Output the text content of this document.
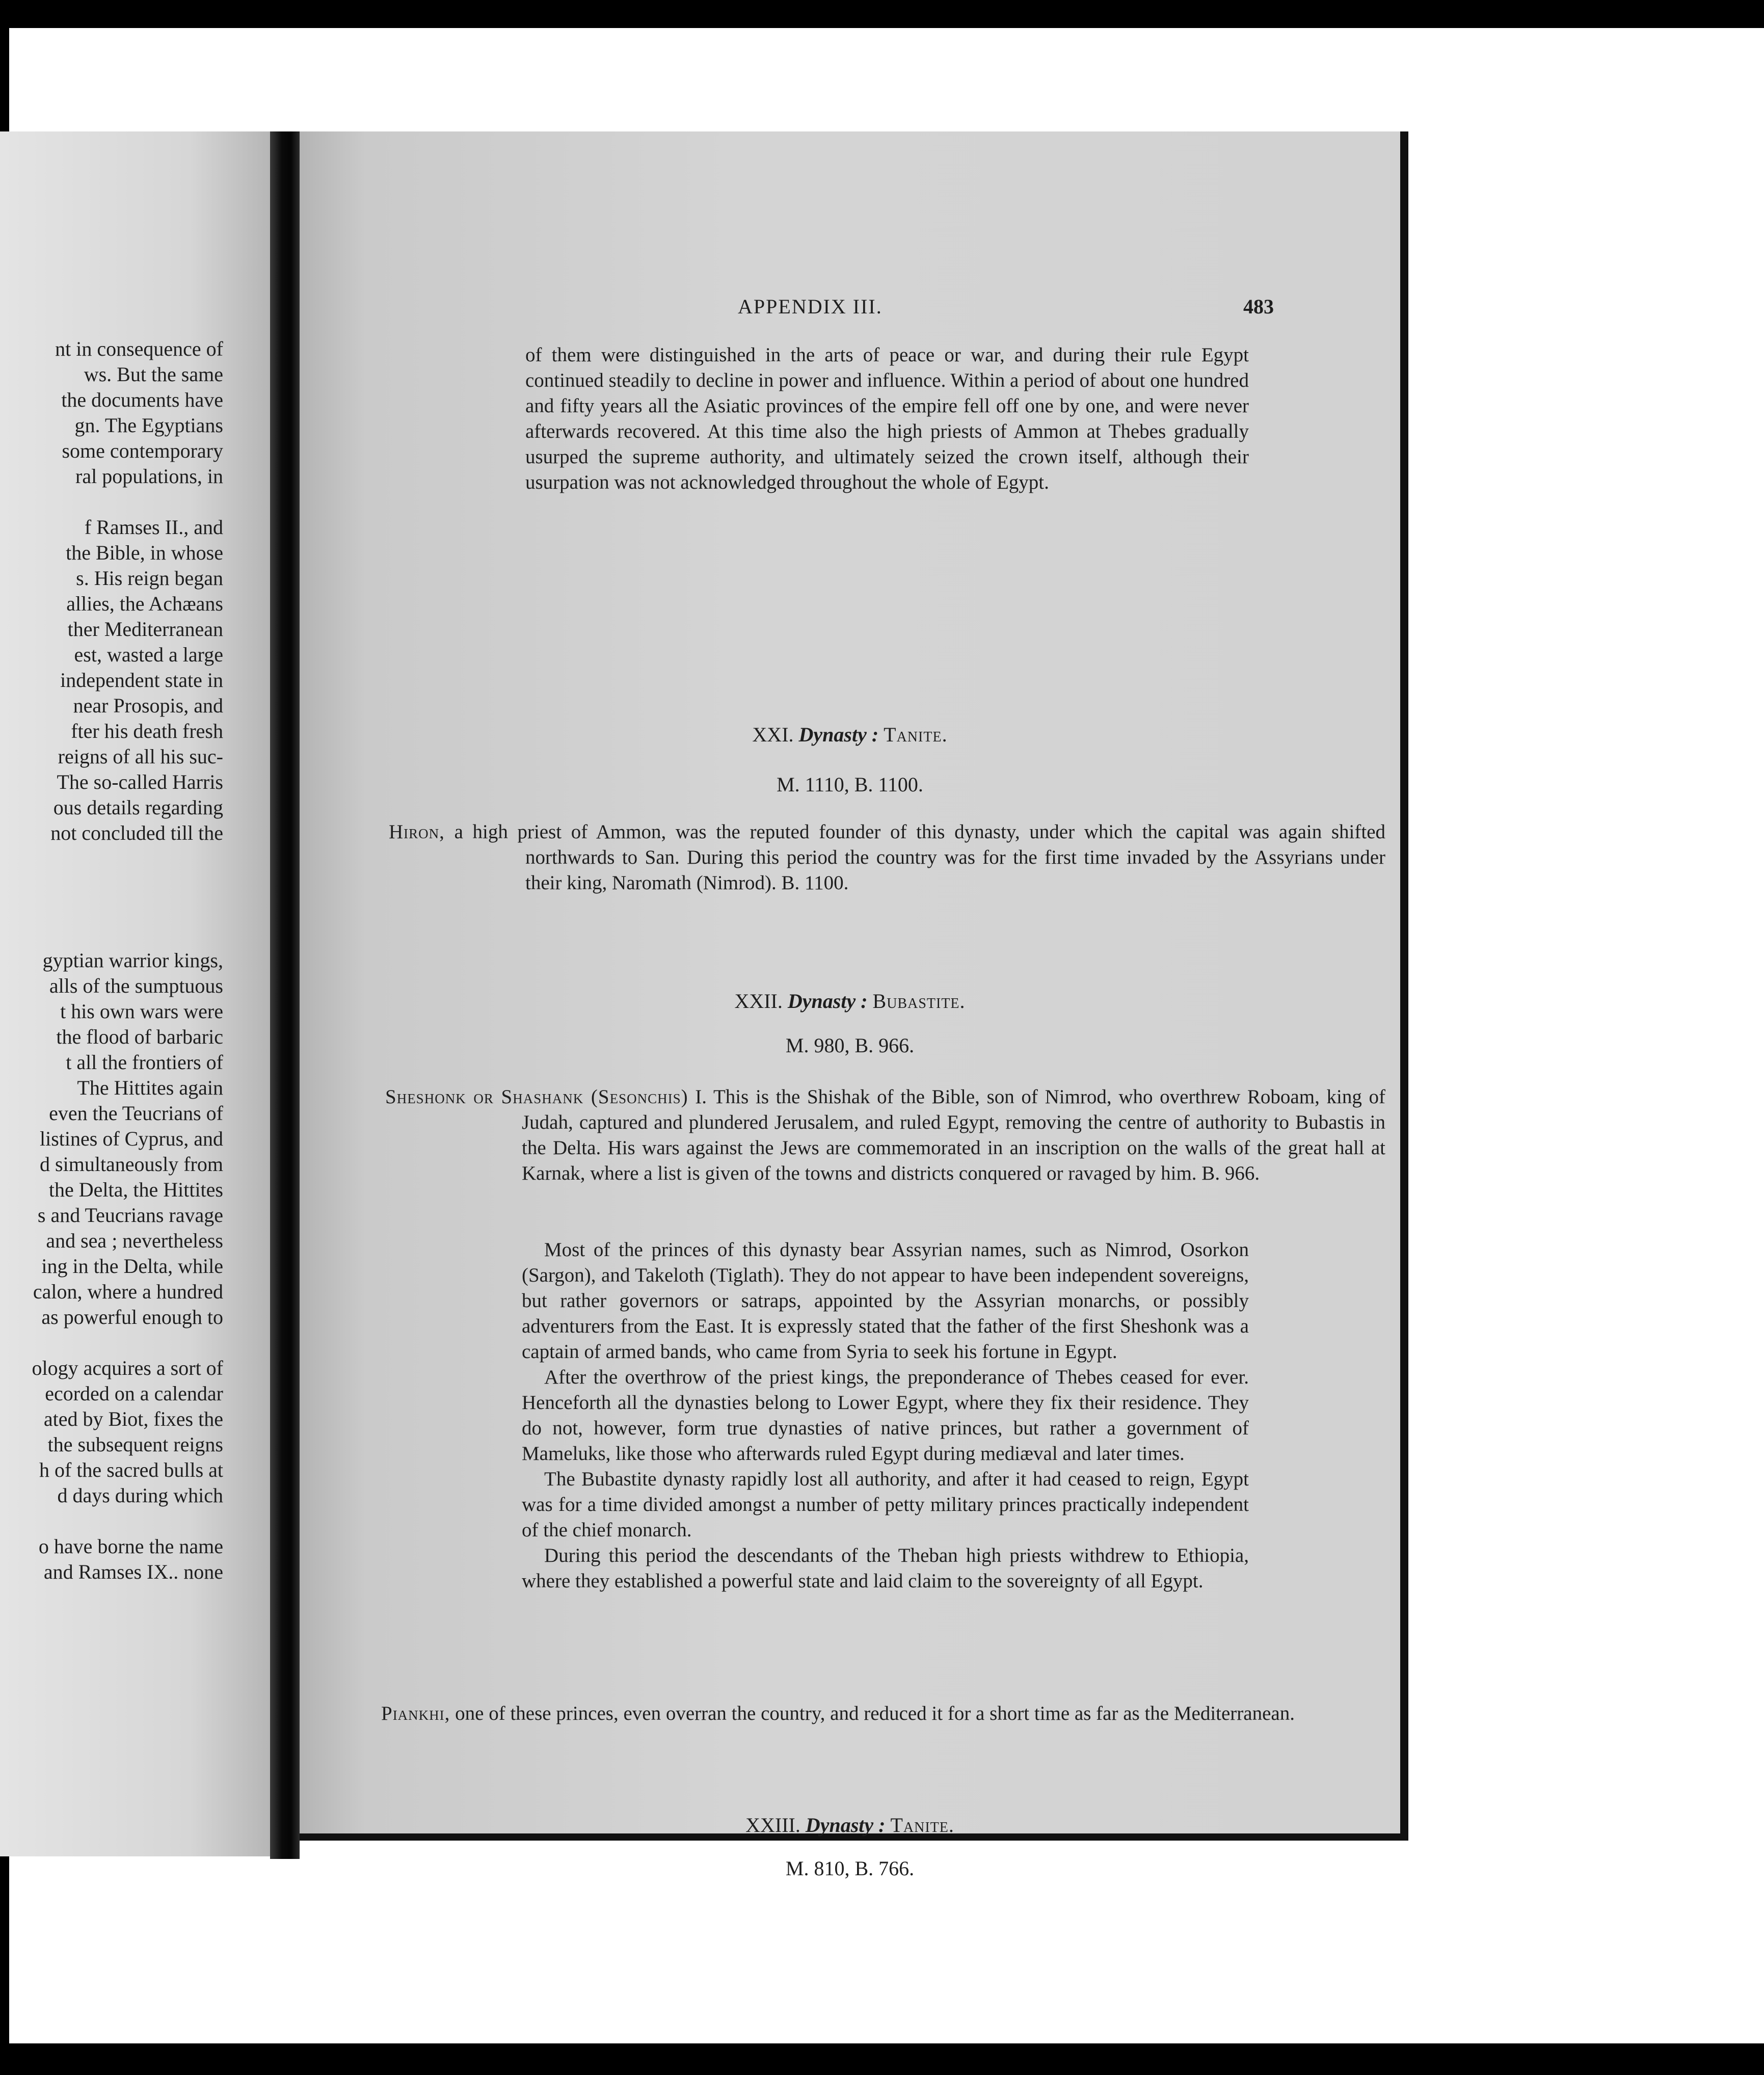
nt in consequence of
ws. But the same
the documents have
gn. The Egyptians
some contemporary
ral populations, in
f Ramses II., and
the Bible, in whose
s. His reign began
allies, the Achæans
ther Mediterranean
est, wasted a large
independent state in
near Prosopis, and
fter his death fresh
reigns of all his suc-
The so-called Harris
ous details regarding
not concluded till the
gyptian warrior kings,
alls of the sumptuous
t his own wars were
the flood of barbaric
t all the frontiers of
The Hittites again
even the Teucrians of
listines of Cyprus, and
d simultaneously from
the Delta, the Hittites
s and Teucrians ravage
and sea ; nevertheless
ing in the Delta, while
calon, where a hundred
as powerful enough to
ology acquires a sort of
ecorded on a calendar
ated by Biot, fixes the
the subsequent reigns
h of the sacred bulls at
d days during which
o have borne the name
and Ramses IX.. none
APPENDIX III.	483

of them were distinguished in the arts of peace or war, and during their rule Egypt continued steadily to decline in power and influence. Within a period of about one hundred and fifty years all the Asiatic provinces of the empire fell off one by one, and were never afterwards recovered. At this time also the high priests of Ammon at Thebes gradually usurped the supreme authority, and ultimately seized the crown itself, although their usurpation was not acknowledged throughout the whole of Egypt.

XXI. Dynasty : Tanite.
M. 1110, B. 1100.
Hiron, a high priest of Ammon, was the reputed founder of this dynasty, under which the capital was again shifted northwards to San. During this period the country was for the first time invaded by the Assyrians under their king, Naromath (Nimrod). B. 1100.
XXII. Dynasty : Bubastite.
M. 980, B. 966.
Sheshonk or Shashank (Sesonchis) I. This is the Shishak of the Bible, son of Nimrod, who overthrew Roboam, king of Judah, captured and plundered Jerusalem, and ruled Egypt, removing the centre of authority to Bubastis in the Delta. His wars against the Jews are commemorated in an inscription on the walls of the great hall at Karnak, where a list is given of the towns and districts conquered or ravaged by him. B. 966.

Most of the princes of this dynasty bear Assyrian names, such as Nimrod, Osorkon (Sargon), and Takeloth (Tiglath). They do not appear to have been independent sovereigns, but rather governors or satraps, appointed by the Assyrian monarchs, or possibly adventurers from the East. It is expressly stated that the father of the first Sheshonk was a captain of armed bands, who came from Syria to seek his fortune in Egypt.

After the overthrow of the priest kings, the preponderance of Thebes ceased for ever. Henceforth all the dynasties belong to Lower Egypt, where they fix their residence. They do not, however, form true dynasties of native princes, but rather a government of Mameluks, like those who afterwards ruled Egypt during mediæval and later times.

The Bubastite dynasty rapidly lost all authority, and after it had ceased to reign, Egypt was for a time divided amongst a number of petty military princes practically independent of the chief monarch.

During this period the descendants of the Theban high priests withdrew to Ethiopia, where they established a powerful state and laid claim to the sovereignty of all Egypt.

Piankhi, one of these princes, even overran the country, and reduced it for a short time as far as the Mediterranean.
XXIII. Dynasty : Tanite.
M. 810, B. 766.
